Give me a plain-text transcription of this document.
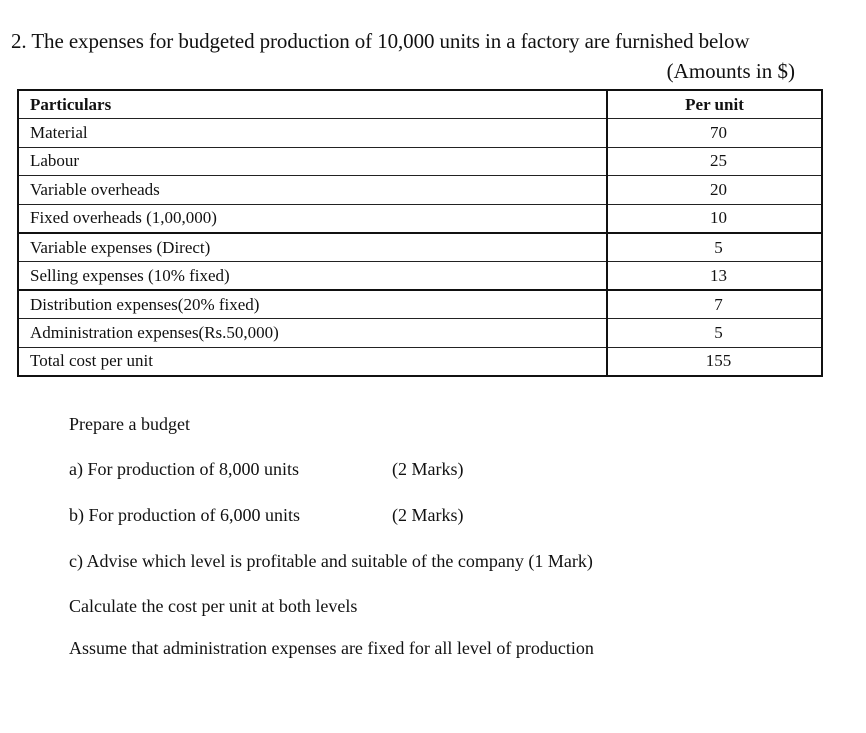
2. The expenses for budgeted production of 10,000 units in a factory are furnished below
(Amounts in $)
Particulars	Per unit
Material	70
Labour	25
Variable overheads	20
Fixed overheads (1,00,000)	10
Variable expenses (Direct)	5
Selling expenses (10% fixed)	13
Distribution expenses(20% fixed)	7
Administration expenses(Rs.50,000)	5
Total cost per unit	155
Prepare a budget
a) For production of 8,000 units	(2 Marks)
b) For production of 6,000 units	(2 Marks)
c) Advise which level is profitable and suitable of the company (1 Mark)
Calculate the cost per unit at both levels
Assume that administration expenses are fixed for all level of production
